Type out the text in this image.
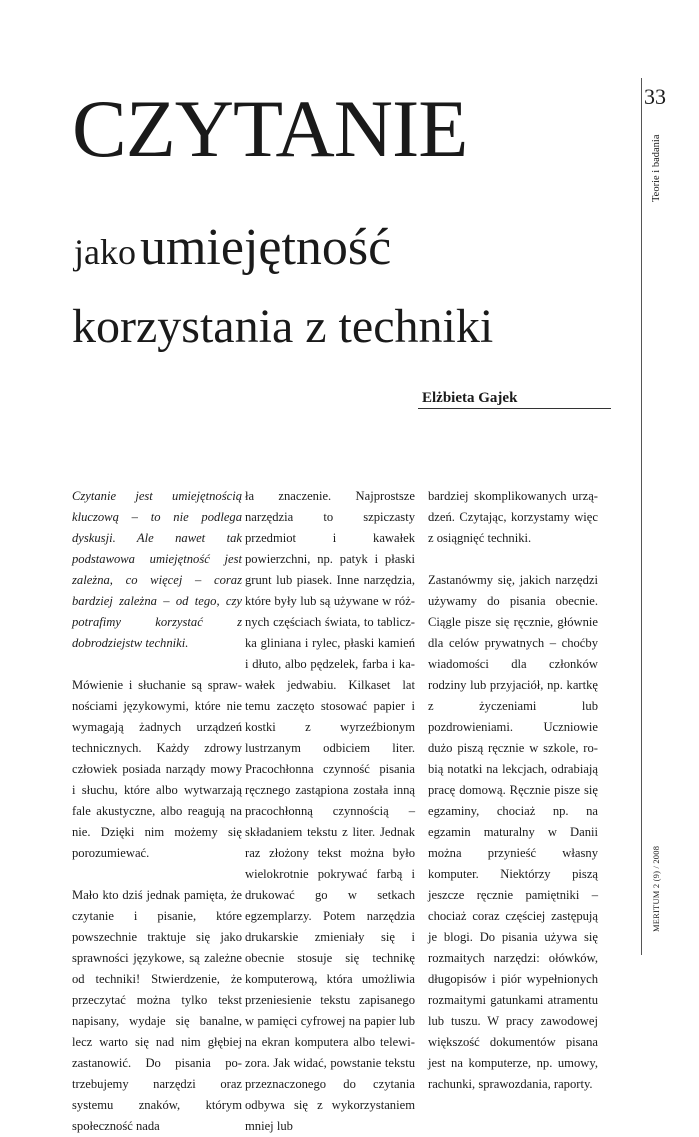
33
Teorie i badania
MERITUM 2 (9) / 2008
CZYTANIE
jako umiejętność
korzystania z techniki
Elżbieta Gajek

Czytanie jest umiejętnością kluczową – to nie podlega dyskusji. Ale nawet tak podstawowa umiejętność jest zależna, co więcej – coraz bardziej zależna – od tego, czy potrafimy korzystać z dobrodziejstw techniki.

Mówienie i słuchanie są sprawnościami językowymi, które nie wymagają żadnych urządzeń technicznych. Każdy zdrowy człowiek posiada narządy mowy i słuchu, które albo wytwarzają fale akustyczne, albo reagują na nie. Dzięki nim możemy się porozumiewać.

Mało kto dziś jednak pamięta, że czytanie i pisanie, które powszechnie traktuje się jako sprawności językowe, są zależne od techniki! Stwierdzenie, że przeczytać można tylko tekst napisany, wydaje się banalne, lecz warto się nad nim głębiej zastanowić. Do pisania potrzebujemy narzędzi oraz systemu znaków, którym społeczność nada

ła znaczenie. Najprostsze narzędzia to szpiczasty przedmiot i kawałek powierzchni, np. patyk i płaski grunt lub piasek. Inne narzędzia, które były lub są używane w różnych częściach świata, to tabliczka gliniana i rylec, płaski kamień i dłuto, albo pędzelek, farba i kawałek jedwabiu. Kilkaset lat temu zaczęto stosować papier i kostki z wyrzeźbionym lustrzanym odbiciem liter. Pracochłonna czynność pisania ręcznego zastąpiona została inną pracochłonną czynnością – składaniem tekstu z liter. Jednak raz złożony tekst można było wielokrotnie pokrywać farbą i drukować go w setkach egzemplarzy. Potem narzędzia drukarskie zmieniały się i obecnie stosuje się technikę komputerową, która umożliwia przeniesienie tekstu zapisanego w pamięci cyfrowej na papier lub na ekran komputera albo telewizora. Jak widać, powstanie tekstu przeznaczonego do czytania odbywa się z wykorzystaniem mniej lub

bardziej skomplikowanych urządzeń. Czytając, korzystamy więc z osiągnięć techniki.

Zastanówmy się, jakich narzędzi używamy do pisania obecnie. Ciągle pisze się ręcznie, głównie dla celów prywatnych – choćby wiadomości dla członków rodziny lub przyjaciół, np. kartkę z życzeniami lub pozdrowieniami. Uczniowie dużo piszą ręcznie w szkole, robią notatki na lekcjach, odrabiają pracę domową. Ręcznie pisze się egzaminy, chociaż np. na egzamin maturalny w Danii można przynieść własny komputer. Niektórzy piszą jeszcze ręcznie pamiętniki – chociaż coraz częściej zastępują je blogi. Do pisania używa się rozmaitych narzędzi: ołówków, długopisów i piór wypełnionych rozmaitymi gatunkami atramentu lub tuszu. W pracy zawodowej większość dokumentów pisana jest na komputerze, np. umowy, rachunki, sprawozdania, raporty.
